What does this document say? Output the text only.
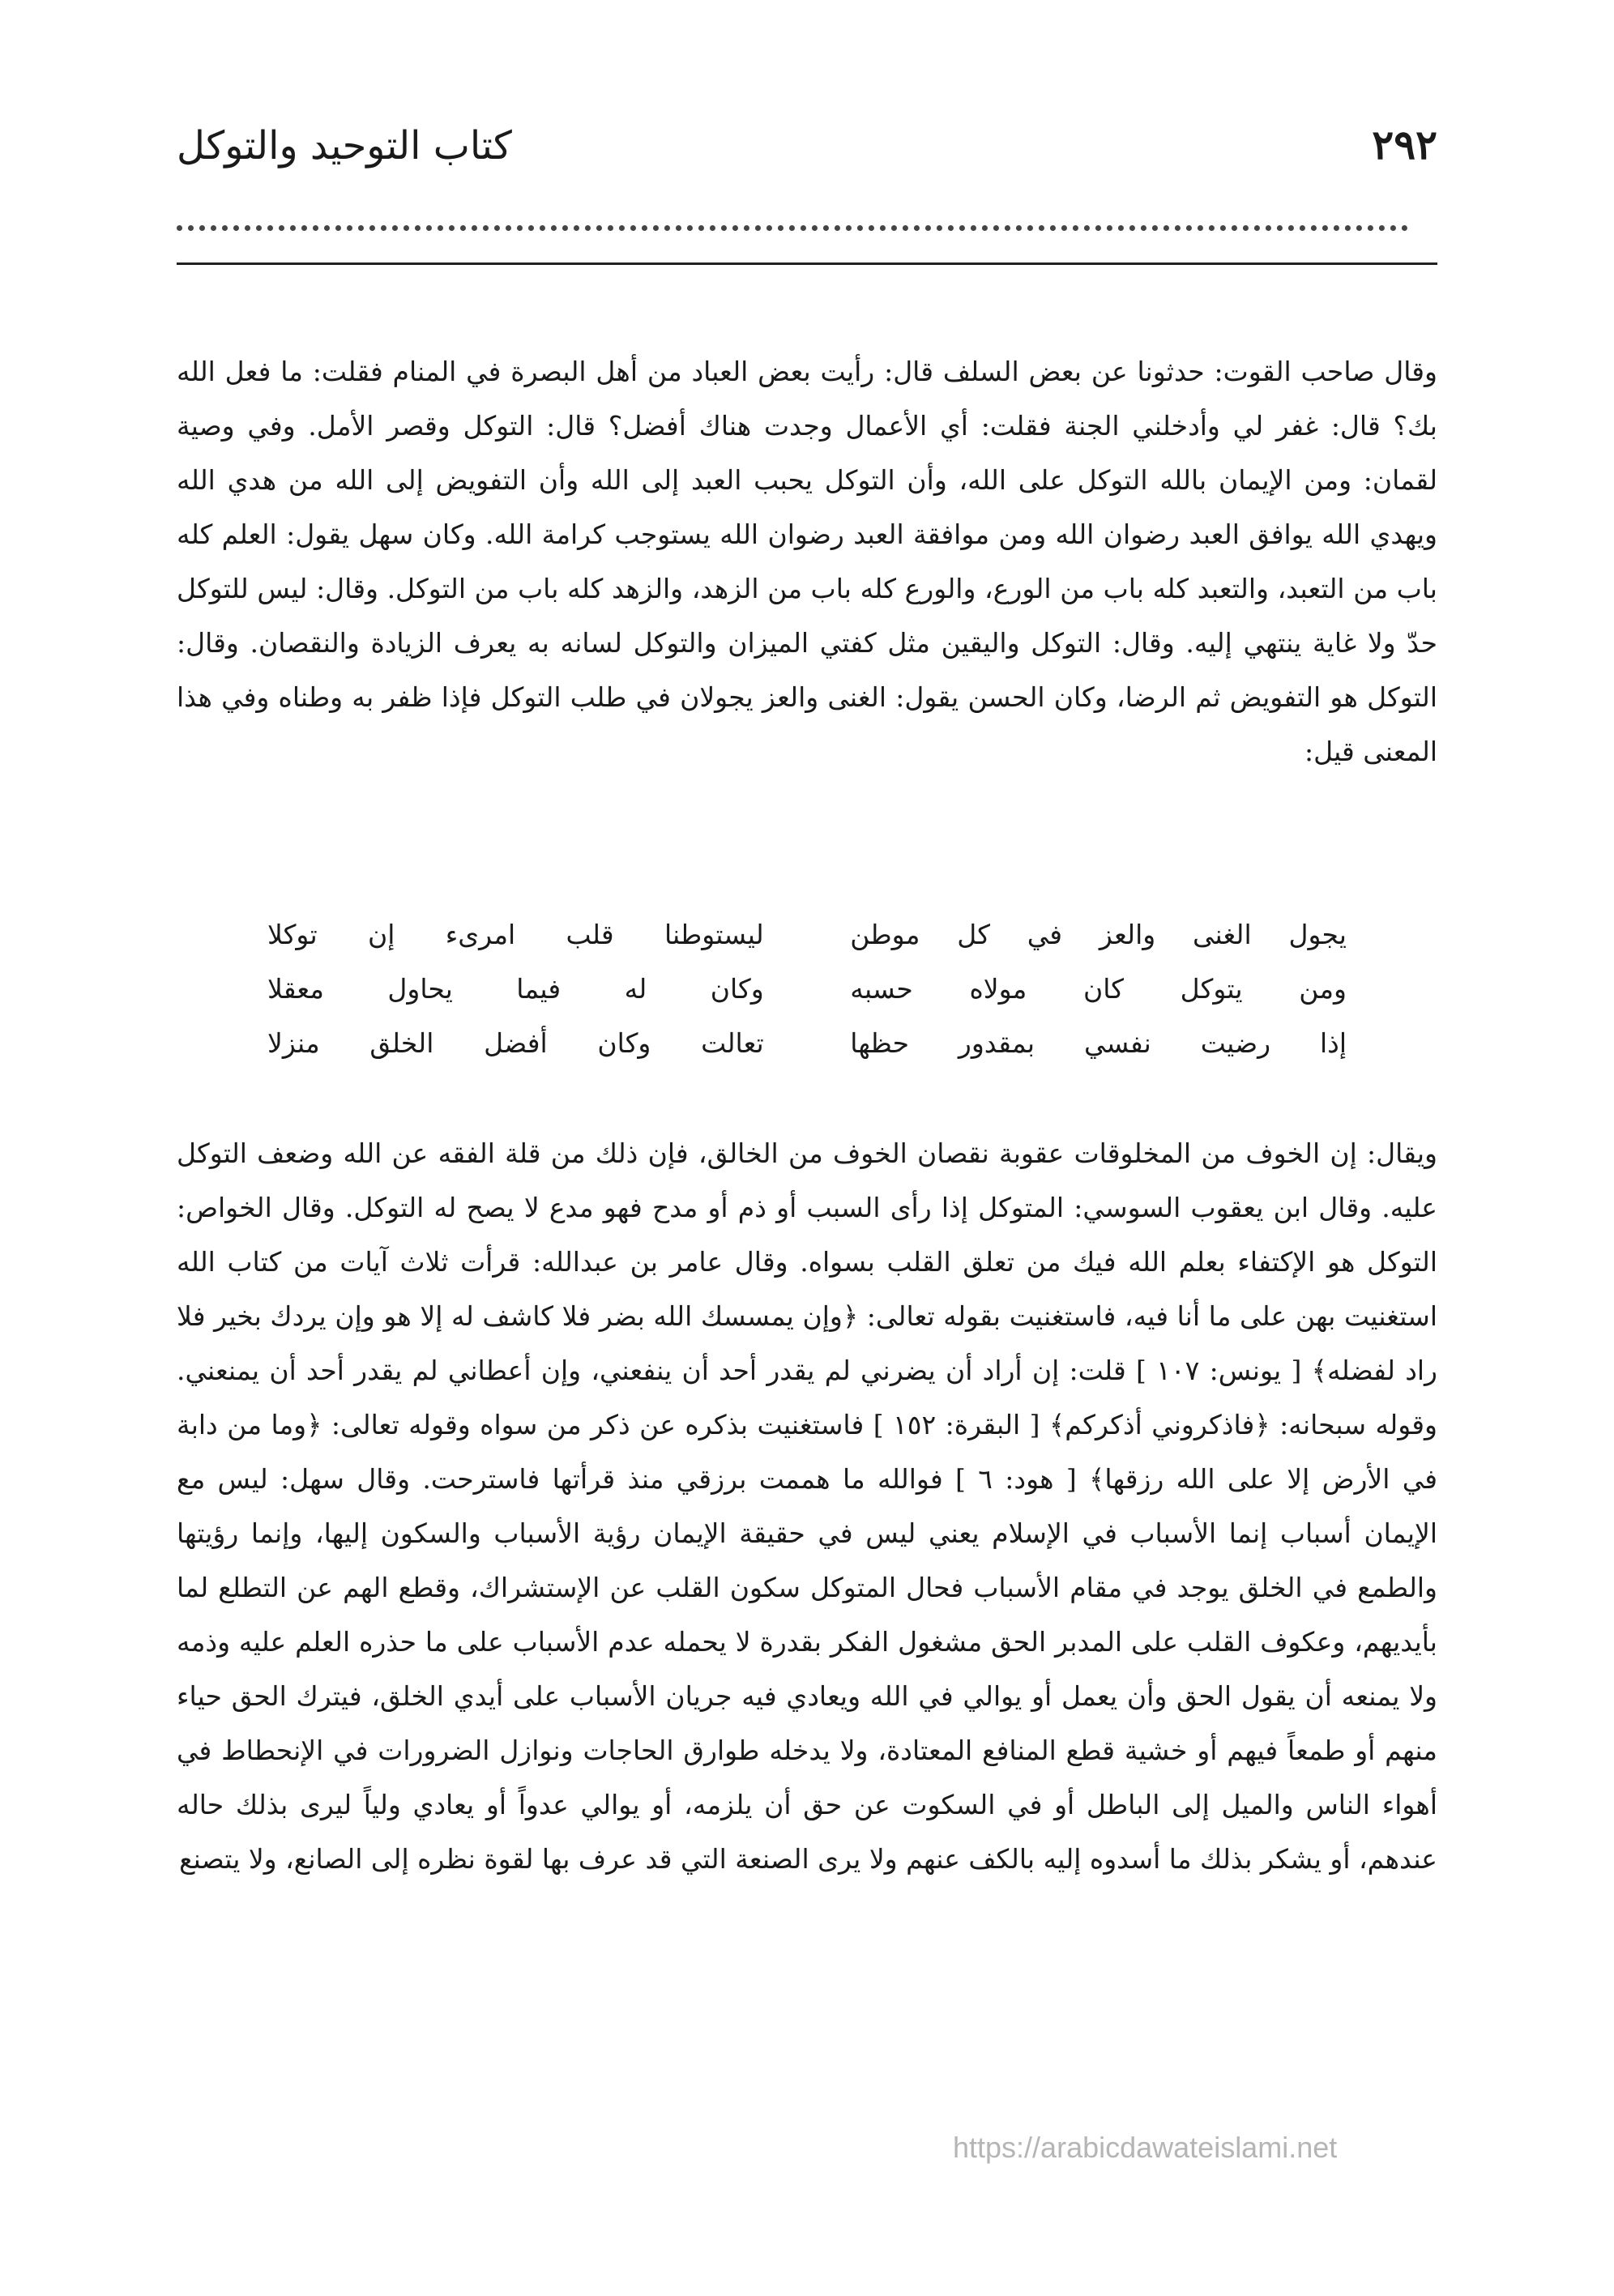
٢٩٢
كتاب التوحيد والتوكل

وقال صاحب القوت: حدثونا عن بعض السلف قال: رأيت بعض العباد من أهل البصرة في المنام فقلت: ما فعل الله بك؟ قال: غفر لي وأدخلني الجنة فقلت: أي الأعمال وجدت هناك أفضل؟ قال: التوكل وقصر الأمل. وفي وصية لقمان: ومن الإيمان بالله التوكل على الله، وأن التوكل يحبب العبد إلى الله وأن التفويض إلى الله من هدي الله ويهدي الله يوافق العبد رضوان الله ومن موافقة العبد رضوان الله يستوجب كرامة الله. وكان سهل يقول: العلم كله باب من التعبد، والتعبد كله باب من الورع، والورع كله باب من الزهد، والزهد كله باب من التوكل. وقال: ليس للتوكل حدّ ولا غاية ينتهي إليه. وقال: التوكل واليقين مثل كفتي الميزان والتوكل لسانه به يعرف الزيادة والنقصان. وقال: التوكل هو التفويض ثم الرضا، وكان الحسن يقول: الغنى والعز يجولان في طلب التوكل فإذا ظفر به وطناه وفي هذا المعنى قيل:

يجول الغنى والعز في كل موطن
ليستوطنا قلب امرىء إن توكلا
ومن يتوكل كان مولاه حسبه
وكان له فيما يحاول معقلا
إذا رضيت نفسي بمقدور حظها
تعالت وكان أفضل الخلق منزلا

ويقال: إن الخوف من المخلوقات عقوبة نقصان الخوف من الخالق، فإن ذلك من قلة الفقه عن الله وضعف التوكل عليه. وقال ابن يعقوب السوسي: المتوكل إذا رأى السبب أو ذم أو مدح فهو مدع لا يصح له التوكل. وقال الخواص: التوكل هو الإكتفاء بعلم الله فيك من تعلق القلب بسواه. وقال عامر بن عبدالله: قرأت ثلاث آيات من كتاب الله استغنيت بهن على ما أنا فيه، فاستغنيت بقوله تعالى: ﴿وإن يمسسك الله بضر فلا كاشف له إلا هو وإن يردك بخير فلا راد لفضله﴾ [ يونس: ١٠٧ ] قلت: إن أراد أن يضرني لم يقدر أحد أن ينفعني، وإن أعطاني لم يقدر أحد أن يمنعني. وقوله سبحانه: ﴿فاذكروني أذكركم﴾ [ البقرة: ١٥٢ ] فاستغنيت بذكره عن ذكر من سواه وقوله تعالى: ﴿وما من دابة في الأرض إلا على الله رزقها﴾ [ هود: ٦ ] فوالله ما هممت برزقي منذ قرأتها فاسترحت. وقال سهل: ليس مع الإيمان أسباب إنما الأسباب في الإسلام يعني ليس في حقيقة الإيمان رؤية الأسباب والسكون إليها، وإنما رؤيتها والطمع في الخلق يوجد في مقام الأسباب فحال المتوكل سكون القلب عن الإستشراك، وقطع الهم عن التطلع لما بأيديهم، وعكوف القلب على المدبر الحق مشغول الفكر بقدرة لا يحمله عدم الأسباب على ما حذره العلم عليه وذمه ولا يمنعه أن يقول الحق وأن يعمل أو يوالي في الله ويعادي فيه جريان الأسباب على أيدي الخلق، فيترك الحق حياء منهم أو طمعاً فيهم أو خشية قطع المنافع المعتادة، ولا يدخله طوارق الحاجات ونوازل الضرورات في الإنحطاط في أهواء الناس والميل إلى الباطل أو في السكوت عن حق أن يلزمه، أو يوالي عدواً أو يعادي ولياً ليرى بذلك حاله عندهم، أو يشكر بذلك ما أسدوه إليه بالكف عنهم ولا يرى الصنعة التي قد عرف بها لقوة نظره إلى الصانع، ولا يتصنع

https://arabicdawateislami.net
